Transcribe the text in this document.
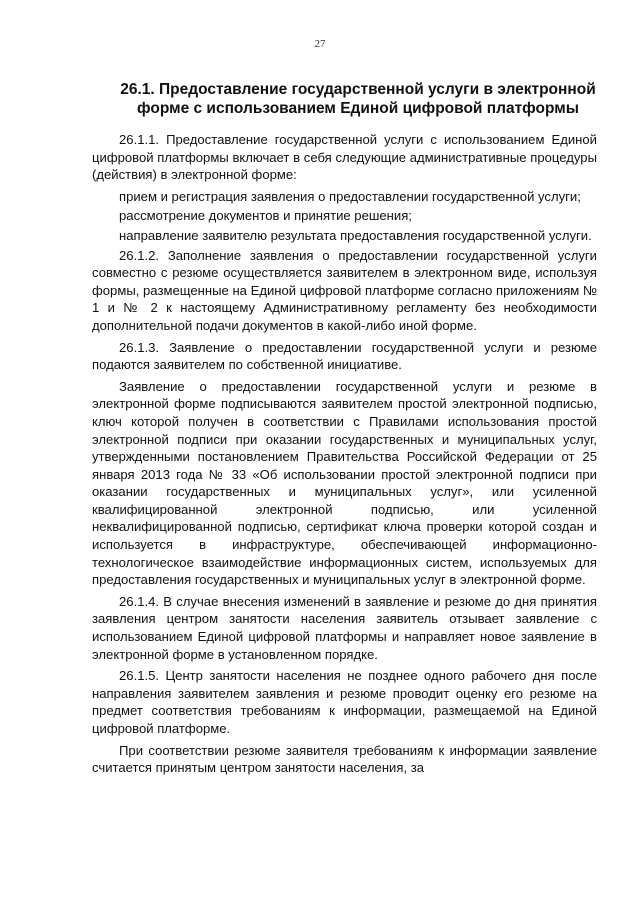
27
26.1. Предоставление государственной услуги в электронной форме с использованием Единой цифровой платформы

26.1.1. Предоставление государственной услуги с использованием Единой цифровой платформы включает в себя следующие административные процедуры (действия) в электронной форме:

прием и регистрация заявления о предоставлении государственной услуги;

рассмотрение документов и принятие решения;

направление заявителю результата предоставления государственной услуги.

26.1.2. Заполнение заявления о предоставлении государственной услуги совместно с резюме осуществляется заявителем в электронном виде, используя формы, размещенные на Единой цифровой платформе согласно приложениям № 1 и № 2 к настоящему Административному регламенту без необходимости дополнительной подачи документов в какой-либо иной форме.

26.1.3. Заявление о предоставлении государственной услуги и резюме подаются заявителем по собственной инициативе.

Заявление о предоставлении государственной услуги и резюме в электронной форме подписываются заявителем простой электронной подписью, ключ которой получен в соответствии с Правилами использования простой электронной подписи при оказании государственных и муниципальных услуг, утвержденными постановлением Правительства Российской Федерации от 25 января 2013 года № 33 «Об использовании простой электронной подписи при оказании государственных и муниципальных услуг», или усиленной квалифицированной электронной подписью, или усиленной неквалифицированной подписью, сертификат ключа проверки которой создан и используется в инфраструктуре, обеспечивающей информационно-технологическое взаимодействие информационных систем, используемых для предоставления государственных и муниципальных услуг в электронной форме.

26.1.4. В случае внесения изменений в заявление и резюме до дня принятия заявления центром занятости населения заявитель отзывает заявление с использованием Единой цифровой платформы и направляет новое заявление в электронной форме в установленном порядке.

26.1.5. Центр занятости населения не позднее одного рабочего дня после направления заявителем заявления и резюме проводит оценку его резюме на предмет соответствия требованиям к информации, размещаемой на Единой цифровой платформе.

При соответствии резюме заявителя требованиям к информации заявление считается принятым центром занятости населения, за
